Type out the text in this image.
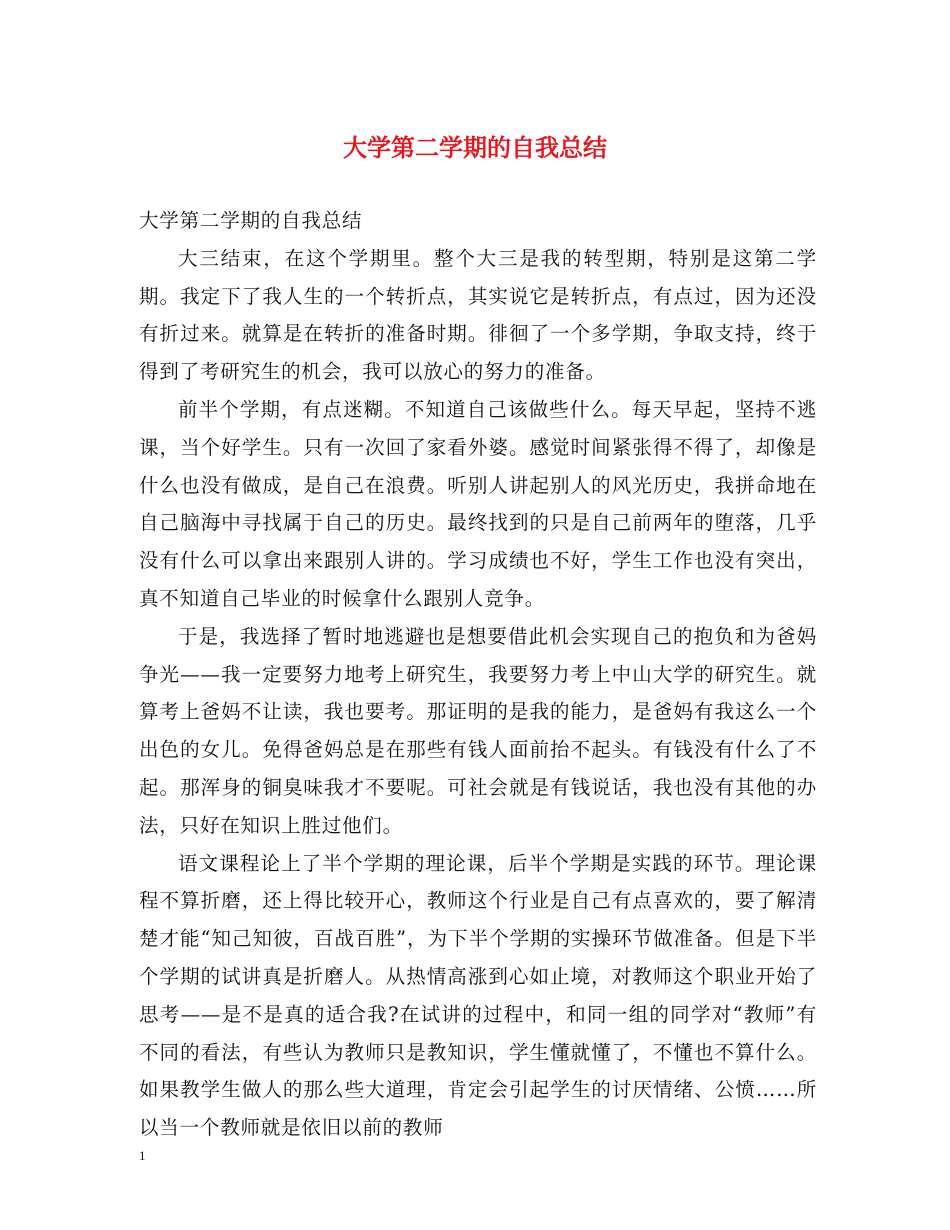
大学第二学期的自我总结

大学第二学期的自我总结

大三结束，在这个学期里。整个大三是我的转型期，特别是这第二学期。我定下了我人生的一个转折点，其实说它是转折点，有点过，因为还没有折过来。就算是在转折的准备时期。徘徊了一个多学期，争取支持，终于得到了考研究生的机会，我可以放心的努力的准备。

前半个学期，有点迷糊。不知道自己该做些什么。每天早起，坚持不逃课，当个好学生。只有一次回了家看外婆。感觉时间紧张得不得了，却像是什么也没有做成，是自己在浪费。听别人讲起别人的风光历史，我拼命地在自己脑海中寻找属于自己的历史。最终找到的只是自己前两年的堕落，几乎没有什么可以拿出来跟别人讲的。学习成绩也不好，学生工作也没有突出，真不知道自己毕业的时候拿什么跟别人竞争。

于是，我选择了暂时地逃避也是想要借此机会实现自己的抱负和为爸妈争光——我一定要努力地考上研究生，我要努力考上中山大学的研究生。就算考上爸妈不让读，我也要考。那证明的是我的能力，是爸妈有我这么一个出色的女儿。免得爸妈总是在那些有钱人面前抬不起头。有钱没有什么了不起。那浑身的铜臭味我才不要呢。可社会就是有钱说话，我也没有其他的办法，只好在知识上胜过他们。

语文课程论上了半个学期的理论课，后半个学期是实践的环节。理论课程不算折磨，还上得比较开心，教师这个行业是自己有点喜欢的，要了解清楚才能“知己知彼，百战百胜”，为下半个学期的实操环节做准备。但是下半个学期的试讲真是折磨人。从热情高涨到心如止境，对教师这个职业开始了思考——是不是真的适合我?在试讲的过程中，和同一组的同学对“教师”有不同的看法，有些认为教师只是教知识，学生懂就懂了，不懂也不算什么。如果教学生做人的那么些大道理，肯定会引起学生的讨厌情绪、公愤……所以当一个教师就是依旧以前的教师

1
